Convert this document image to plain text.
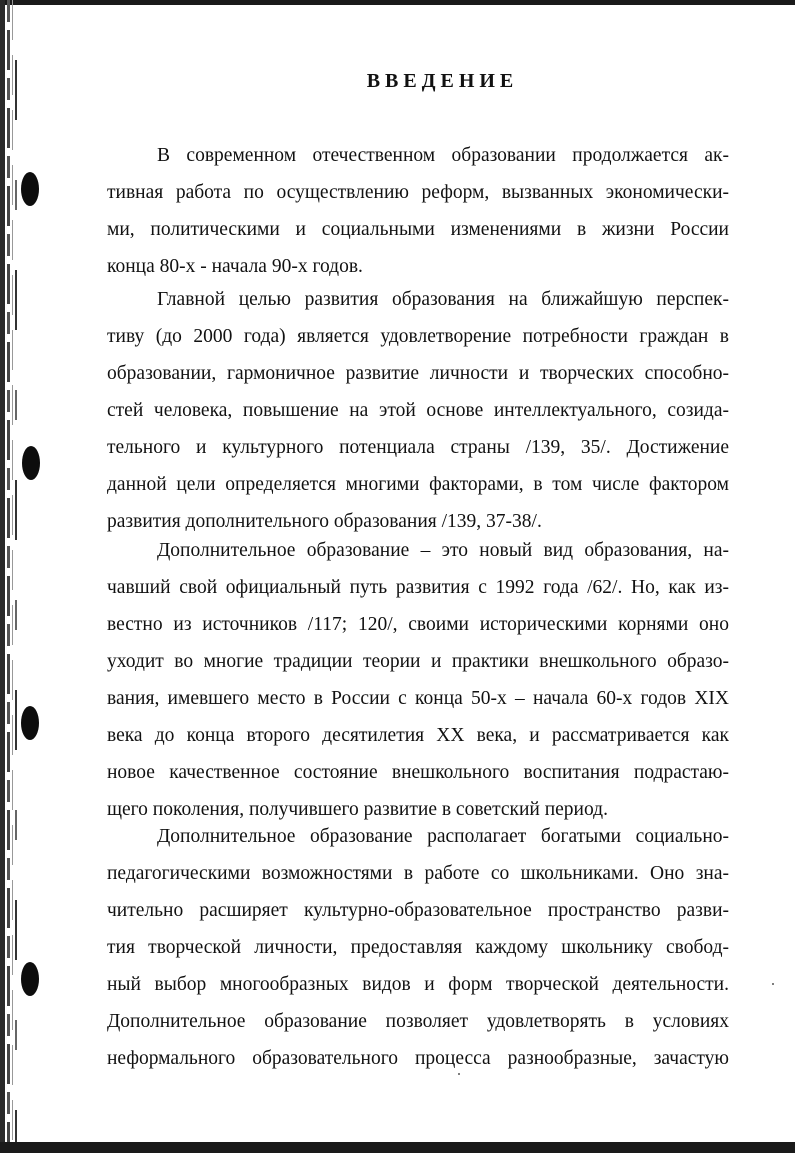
ВВЕДЕНИЕ
В современном отечественном образовании продолжается ак-
тивная работа по осуществлению реформ, вызванных экономически-
ми, политическими и социальными изменениями в жизни России
конца 80-х - начала 90-х годов.
Главной целью развития образования на ближайшую перспек-
тиву (до 2000 года) является удовлетворение потребности граждан в
образовании, гармоничное развитие личности и творческих способно-
стей человека, повышение на этой основе интеллектуального, созида-
тельного и культурного потенциала страны /139, 35/. Достижение
данной цели определяется многими факторами, в том числе фактором
развития дополнительного образования /139, 37-38/.
Дополнительное образование – это новый вид образования, на-
чавший свой официальный путь развития с 1992 года /62/. Но, как из-
вестно из источников /117; 120/, своими историческими корнями оно
уходит во многие традиции теории и практики внешкольного образо-
вания, имевшего место в России с конца 50-х – начала 60-х годов XIX
века до конца второго десятилетия XX века, и рассматривается как
новое качественное состояние внешкольного воспитания подрастаю-
щего поколения, получившего развитие в советский период.
Дополнительное образование располагает богатыми социально-
педагогическими возможностями в работе со школьниками. Оно зна-
чительно расширяет культурно-образовательное пространство разви-
тия творческой личности, предоставляя каждому школьнику свобод-
ный выбор многообразных видов и форм творческой деятельности.
Дополнительное образование позволяет удовлетворять в условиях
неформального образовательного процесса разнообразные, зачастую
